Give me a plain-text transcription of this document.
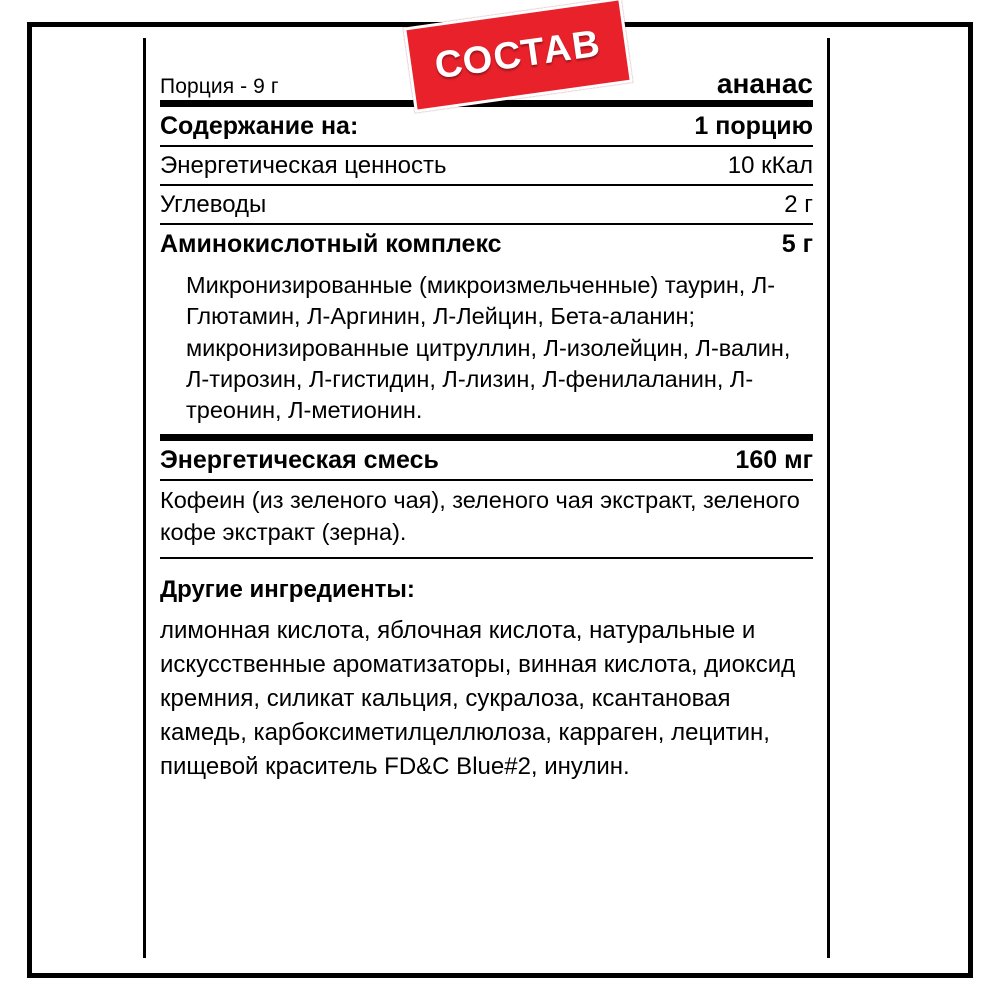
Порция - 9 г	ананас
Содержание на:	1 порцию
Энергетическая ценность	10 кКал
Углеводы	2 г
Аминокислотный комплекс	5 г
Микронизированные (микроизмельченные) таурин, Л-Глютамин, Л-Аргинин, Л-Лейцин, Бета-аланин; микронизированные цитруллин, Л-изолейцин, Л-валин, Л-тирозин, Л-гистидин, Л-лизин, Л-фенилаланин, Л-треонин, Л-метионин.
Энергетическая смесь	160 мг
Кофеин (из зеленого чая), зеленого чая экстракт, зеленого кофе экстракт (зерна).
Другие ингредиенты:
лимонная кислота, яблочная кислота, натуральные и искусственные ароматизаторы, винная кислота, диоксид кремния, силикат кальция, сукралоза, ксантановая камедь, карбоксиметилцеллюлоза, карраген, лецитин, пищевой краситель FD&C Blue#2, инулин.
СОСТАВ
